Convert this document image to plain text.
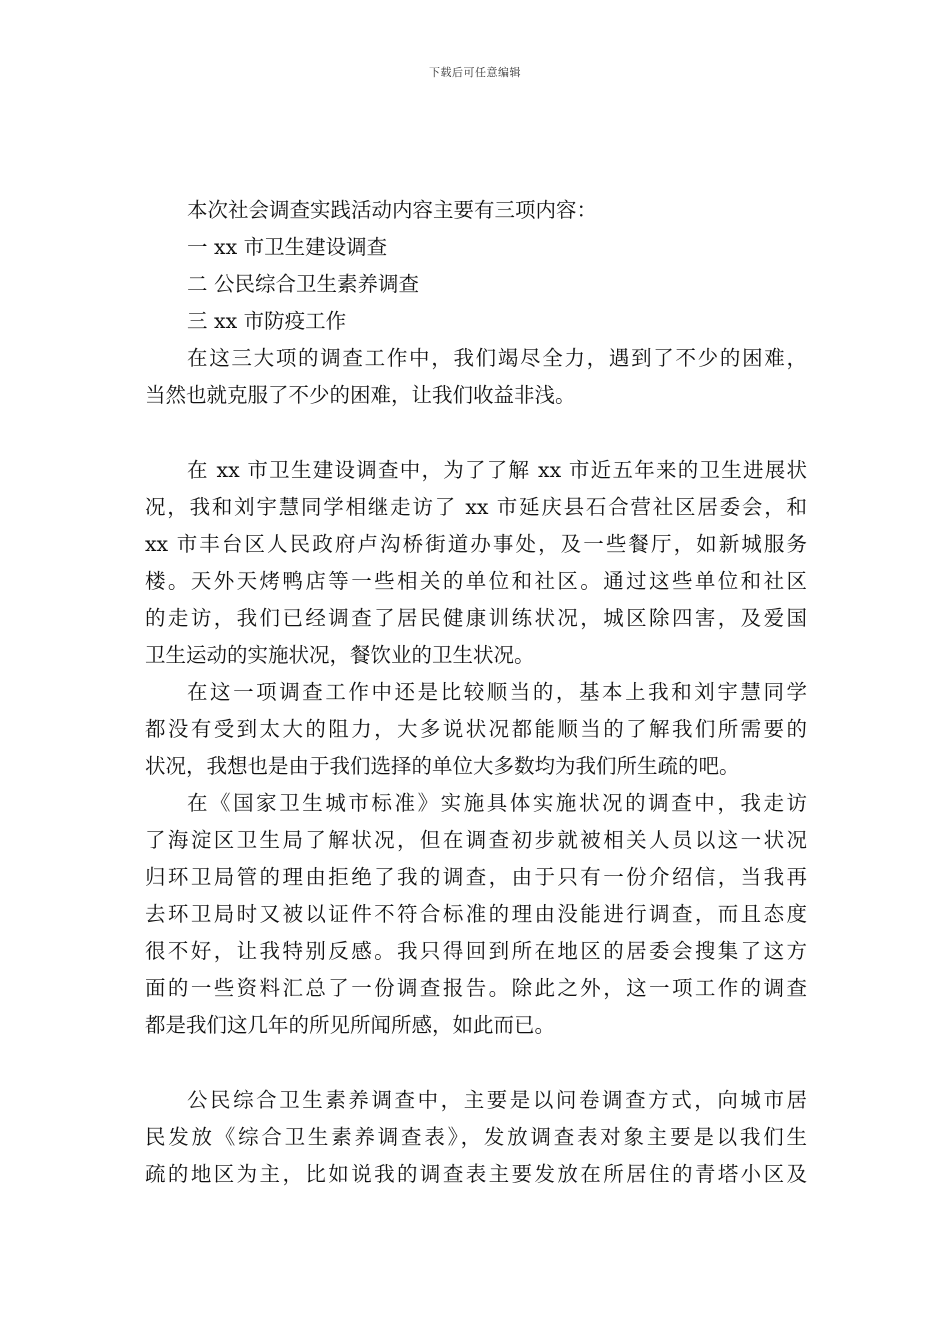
下载后可任意编辑
本次社会调查实践活动内容主要有三项内容：
一 xx 市卫生建设调查
二 公民综合卫生素养调查
三 xx 市防疫工作
在这三大项的调查工作中，我们竭尽全力，遇到了不少的困难，
当然也就克服了不少的困难，让我们收益非浅。
在 xx 市卫生建设调查中，为了了解 xx 市近五年来的卫生进展状
况，我和刘宇慧同学相继走访了 xx 市延庆县石合营社区居委会，和
xx 市丰台区人民政府卢沟桥街道办事处，及一些餐厅，如新城服务
楼。天外天烤鸭店等一些相关的单位和社区。通过这些单位和社区
的走访，我们已经调查了居民健康训练状况，城区除四害，及爱国
卫生运动的实施状况，餐饮业的卫生状况。
在这一项调查工作中还是比较顺当的，基本上我和刘宇慧同学
都没有受到太大的阻力，大多说状况都能顺当的了解我们所需要的
状况，我想也是由于我们选择的单位大多数均为我们所生疏的吧。
在《国家卫生城市标准》实施具体实施状况的调查中，我走访
了海淀区卫生局了解状况，但在调查初步就被相关人员以这一状况
归环卫局管的理由拒绝了我的调查，由于只有一份介绍信，当我再
去环卫局时又被以证件不符合标准的理由没能进行调查，而且态度
很不好，让我特别反感。我只得回到所在地区的居委会搜集了这方
面的一些资料汇总了一份调查报告。除此之外，这一项工作的调查
都是我们这几年的所见所闻所感，如此而已。
公民综合卫生素养调查中，主要是以问卷调查方式，向城市居
民发放《综合卫生素养调查表》，发放调查表对象主要是以我们生
疏的地区为主，比如说我的调查表主要发放在所居住的青塔小区及
